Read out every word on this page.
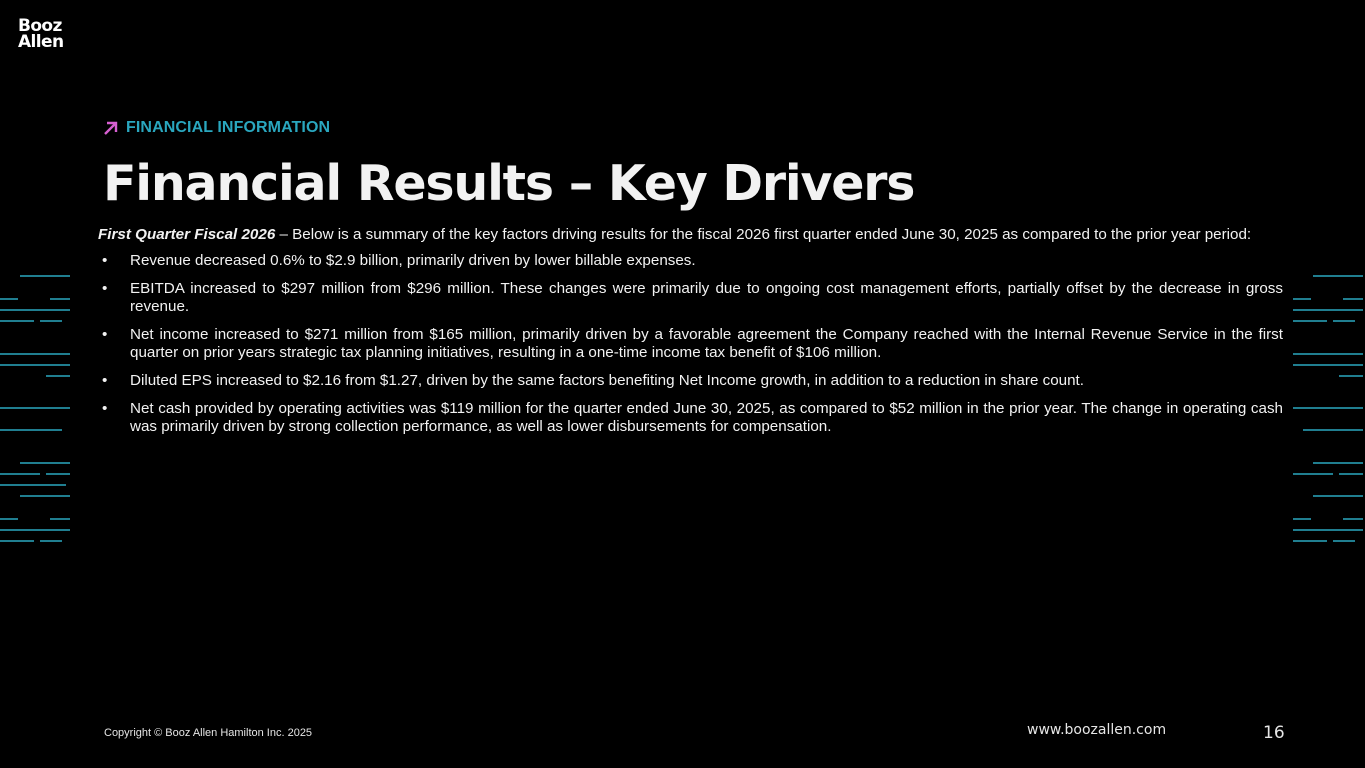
Booz
Allen
FINANCIAL INFORMATION
Financial Results – Key Drivers

First Quarter Fiscal 2026 – Below is a summary of the key factors driving results for the fiscal 2026 first quarter ended June 30, 2025 as compared to the prior year period:

• Revenue decreased 0.6% to $2.9 billion, primarily driven by lower billable expenses.
• EBITDA increased to $297 million from $296 million. These changes were primarily due to ongoing cost management efforts, partially offset by the decrease in gross revenue.
• Net income increased to $271 million from $165 million, primarily driven by a favorable agreement the Company reached with the Internal Revenue Service in the first quarter on prior years strategic tax planning initiatives, resulting in a one-time income tax benefit of $106 million.
• Diluted EPS increased to $2.16 from $1.27, driven by the same factors benefiting Net Income growth, in addition to a reduction in share count.
• Net cash provided by operating activities was $119 million for the quarter ended June 30, 2025, as compared to $52 million in the prior year. The change in operating cash was primarily driven by strong collection performance, as well as lower disbursements for compensation.
Copyright © Booz Allen Hamilton Inc. 2025	www.boozallen.com	16
